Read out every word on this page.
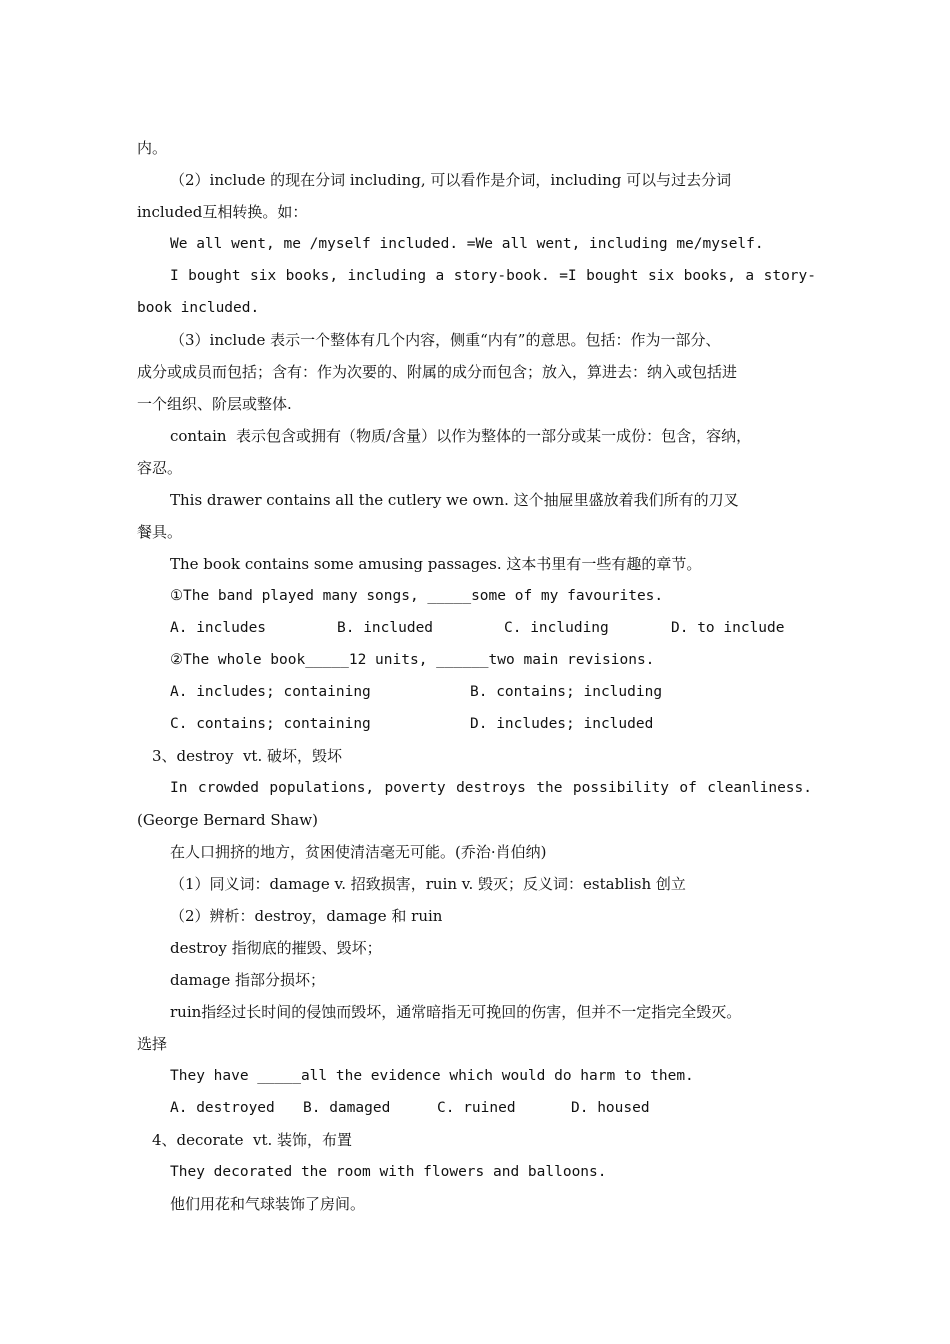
内。
（2）include 的现在分词 including, 可以看作是介词，including 可以与过去分词
included互相转换。如：
We all went, me /myself included. =We all went, including me/myself.
I bought six books, including a story-book. =I bought six books, a story-
book included.
（3）include 表示一个整体有几个内容，侧重“内有”的意思。包括：作为一部分、
成分或成员而包括；含有：作为次要的、附属的成分而包含；放入，算进去：纳入或包括进
一个组织、阶层或整体.
contain  表示包含或拥有（物质/含量）以作为整体的一部分或某一成份：包含，容纳，
容忍。
This drawer contains all the cutlery we own. 这个抽屉里盛放着我们所有的刀叉
餐具。
The book contains some amusing passages. 这本书里有一些有趣的章节。
①The band played many songs, _____some of my favourites.

A. includes

	B. included

	C. including

	D. to include

②The whole book_____12 units, ______two main revisions.

A. includes; containing

	B. contains; including

C. contains; containing

	D. includes; included

3、destroy  vt. 破坏，毁坏
In crowded populations, poverty destroys the possibility of cleanliness.
(George Bernard Shaw)
在人口拥挤的地方，贫困使清洁毫无可能。(乔治·肖伯纳)
（1）同义词：damage v. 招致损害，ruin v. 毁灭；反义词：establish 创立
（2）辨析：destroy，damage 和 ruin
destroy 指彻底的摧毁、毁坏；
damage 指部分损坏；
ruin指经过长时间的侵蚀而毁坏，通常暗指无可挽回的伤害，但并不一定指完全毁灭。
选择
They have _____all the evidence which would do harm to them.

A. destroyed

B. damaged

	C. ruined

	D. housed

4、decorate  vt. 装饰，布置
They decorated the room with flowers and balloons.
他们用花和气球装饰了房间。
